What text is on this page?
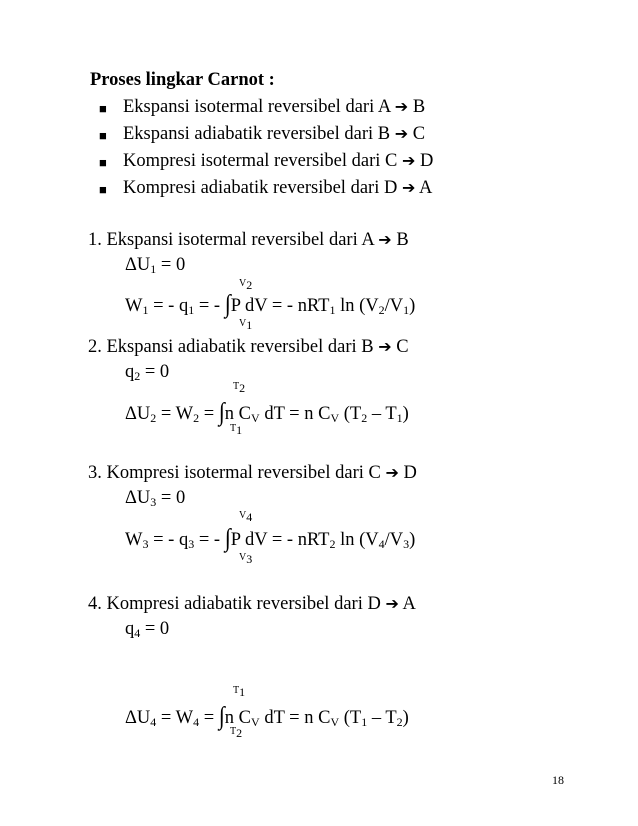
Proses lingkar Carnot :
■ Ekspansi isotermal reversibel dari A ➔ B
■ Ekspansi adiabatik reversibel dari B ➔ C
■ Kompresi isotermal reversibel dari C ➔ D
■ Kompresi adiabatik reversibel dari D ➔ A
1. Ekspansi isotermal reversibel dari A ➔ B
$\Delta U_1 = 0$
$V_2$
$W_1$ = - $q_1$ = - ∫P dV = - nRT$_1$ $\ln (V_2/V_1)$
$V_1$
2. Ekspansi adiabatik reversibel dari B ➔ C
$q_2 = 0$
$T_2$
$\Delta U_2 = W_2 = \int n$ $C_V$ dT = n $C_V$ $(T_2 - T_1)$
$T_1$
3. Kompresi isotermal reversibel dari C ➔ D
$\Delta U_3 = 0$
$V_4$
$W_3$ = - $q_3$ = - ∫P dV = - nRT$_2$ $\ln (V_4/V_3)$
$V_3$
4. Kompresi adiabatik reversibel dari D ➔ A
$q_4 = 0$
$T_1$
$\Delta U_4 = W_4 = \int n$ $C_V$ dT = n $C_V$ $(T_1 - T_2)$
$T_2$
18
